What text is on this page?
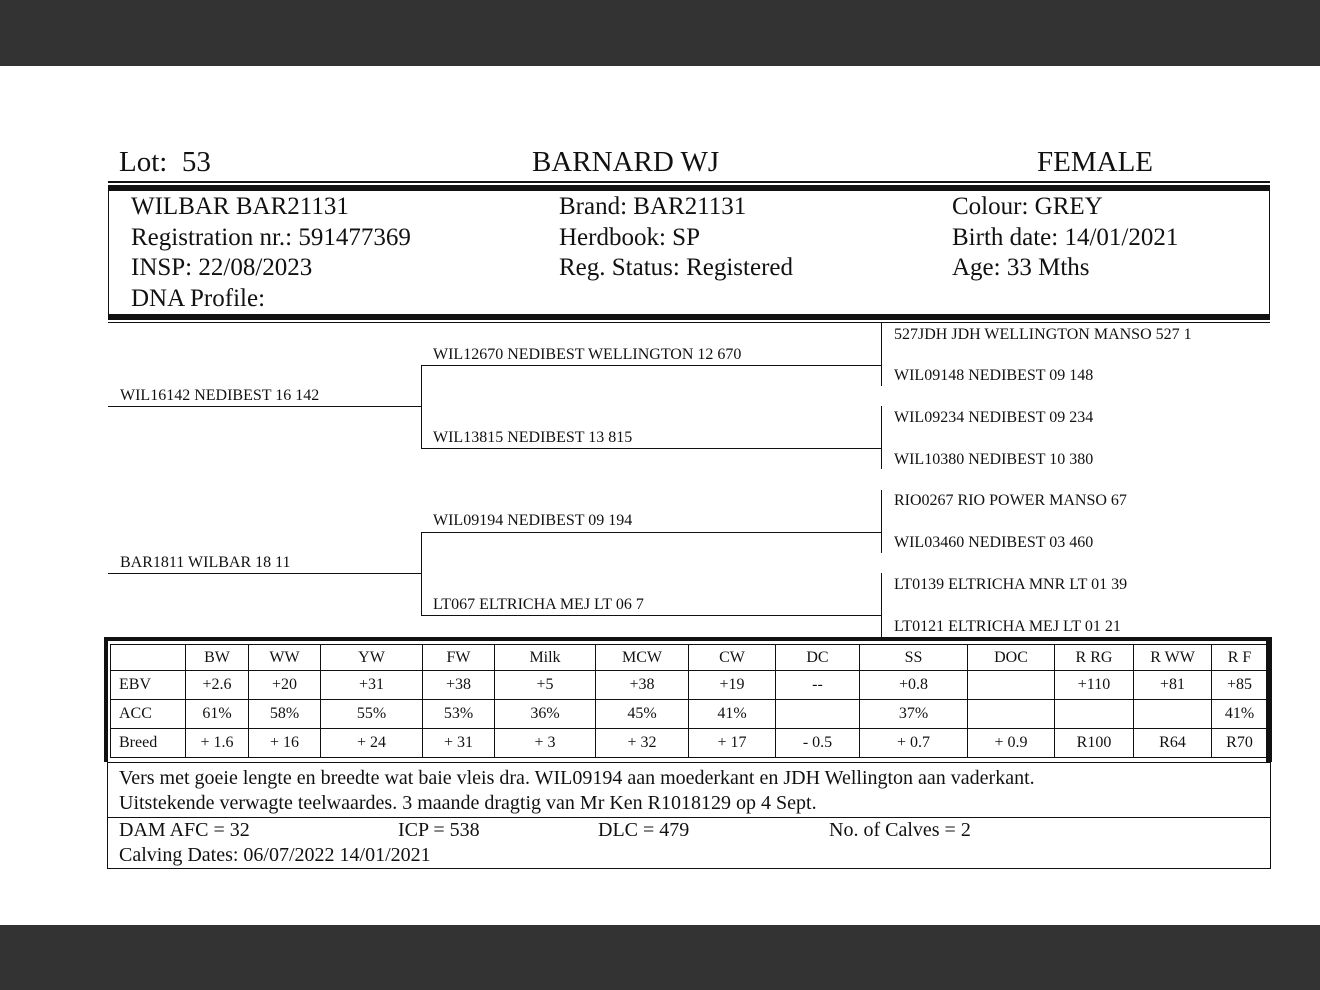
Lot: 53	BARNARD WJ	FEMALE
WILBAR BAR21131
Registration nr.: 591477369
INSP: 22/08/2023
DNA Profile:
Brand: BAR21131
Herdbook: SP
Reg. Status: Registered
Colour: GREY
Birth date: 14/01/2021
Age: 33 Mths
WIL16142 NEDIBEST 16 142
BAR1811 WILBAR 18 11
WIL12670 NEDIBEST WELLINGTON 12 670
WIL13815 NEDIBEST 13 815
WIL09194 NEDIBEST 09 194
LT067 ELTRICHA MEJ LT 06 7
527JDH JDH WELLINGTON MANSO 527 1
WIL09148 NEDIBEST 09 148
WIL09234 NEDIBEST 09 234
WIL10380 NEDIBEST 10 380
RIO0267 RIO POWER MANSO 67
WIL03460 NEDIBEST 03 460
LT0139 ELTRICHA MNR LT 01 39
LT0121 ELTRICHA MEJ LT 01 21
	BW	WW	YW	FW	Milk	MCW	CW	DC	SS	DOC	R RG	R WW	R F
EBV	+2.6	+20	+31	+38	+5	+38	+19	--	+0.8		+110	+81	+85
ACC	61%	58%	55%	53%	36%	45%	41%		37%				41%
Breed	+ 1.6	+ 16	+ 24	+ 31	+ 3	+ 32	+ 17	- 0.5	+ 0.7	+ 0.9	R100	R64	R70
Vers met goeie lengte en breedte wat baie vleis dra. WIL09194 aan moederkant en JDH Wellington aan vaderkant.
Uitstekende verwagte teelwaardes. 3 maande dragtig van Mr Ken R1018129 op 4 Sept.
DAM AFC = 32	ICP = 538	DLC = 479	No. of Calves = 2
Calving Dates: 06/07/2022 14/01/2021
